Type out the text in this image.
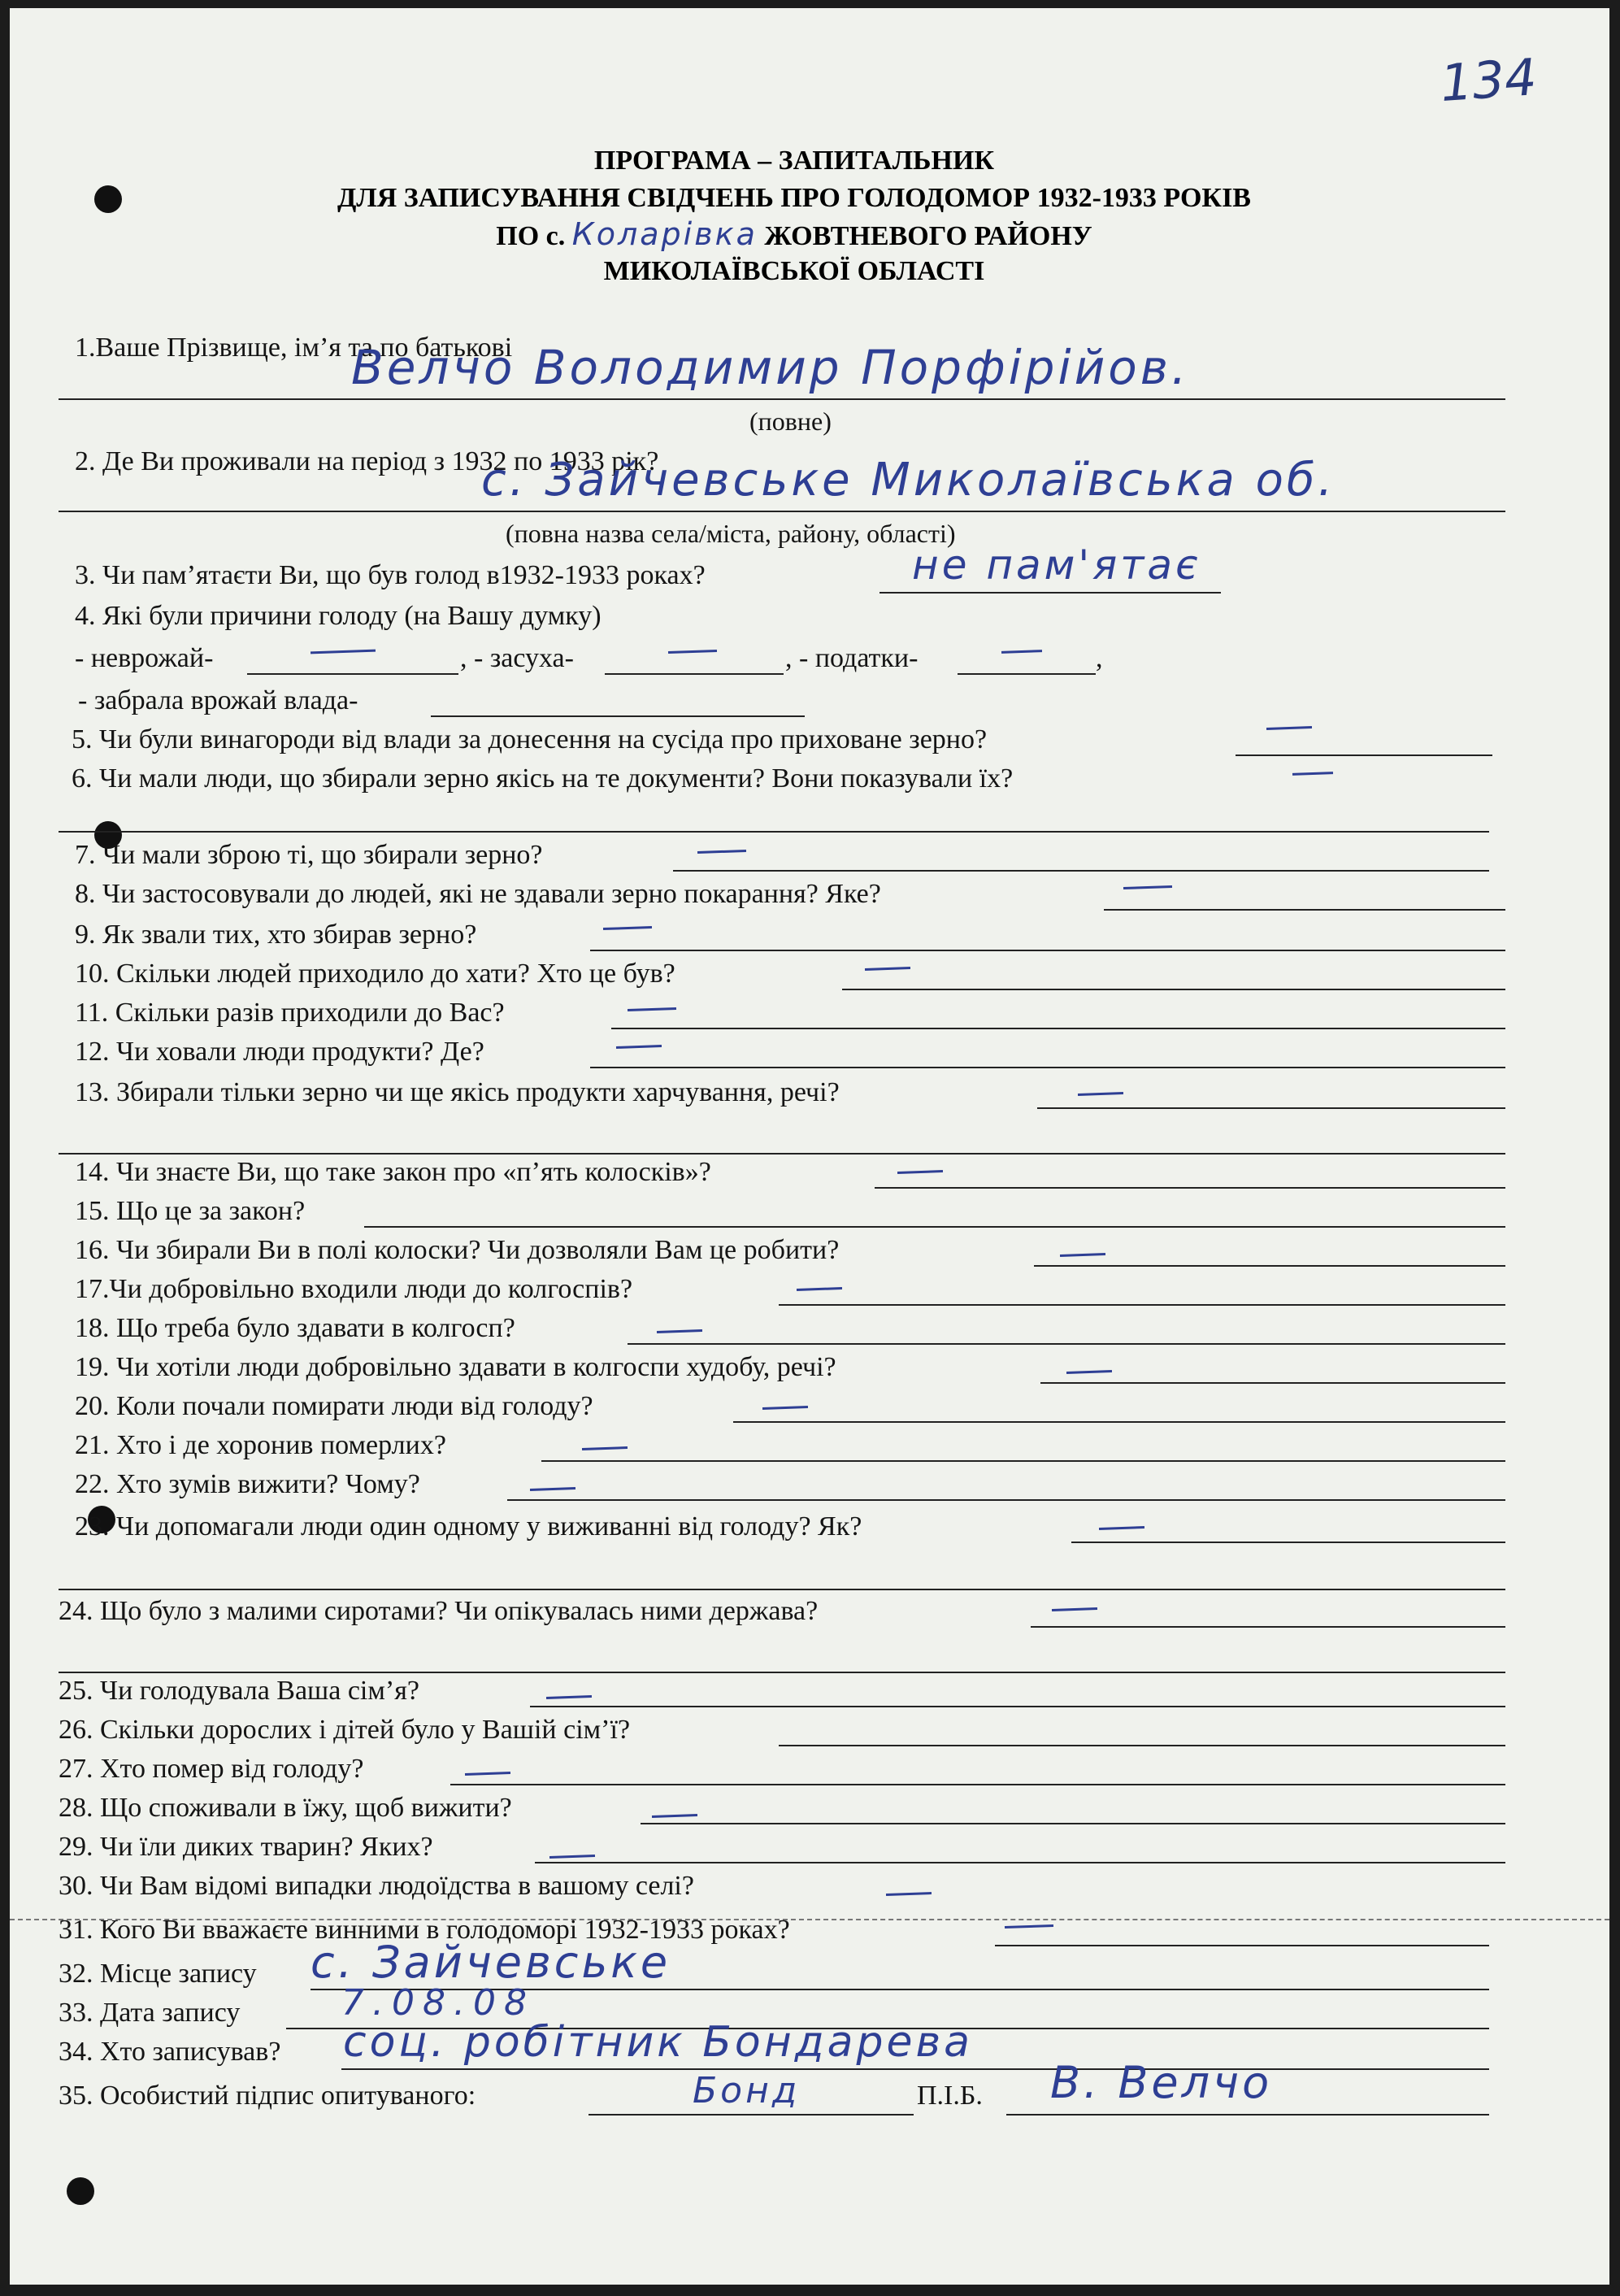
134
ПРОГРАМА – ЗАПИТАЛЬНИК
ДЛЯ ЗАПИСУВАННЯ СВІДЧЕНЬ ПРО ГОЛОДОМОР 1932-1933 РОКІВ
ПО с. Коларівка ЖОВТНЕВОГО РАЙОНУ
МИКОЛАЇВСЬКОЇ ОБЛАСТІ
1.Ваше Прізвище, ім’я та по батькові
Велчо Володимир Порфірійов.
(повне)
2. Де Ви проживали на період з 1932 по 1933 рік?
с. Зайчевське Миколаївська об.
(повна назва села/міста, району, області)
3. Чи пам’ятаєти Ви, що був голод в1932-1933 роках?	не пам'ятає
4. Які були причини голоду (на Вашу думку)
- неврожай-	, - засуха-	, - податки-	,
- забрала врожай влада-
5. Чи були винагороди від влади за донесення на сусіда про приховане зерно?
6. Чи мали люди, що збирали зерно якісь на те документи? Вони показували їх?
7. Чи мали зброю ті, що збирали зерно?
8. Чи застосовували до людей, які не здавали зерно покарання? Яке?
9. Як звали тих, хто збирав зерно?
10. Скільки людей приходило до хати? Хто це був?
11. Скільки разів приходили до Вас?
12. Чи ховали люди продукти? Де?
13. Збирали тільки зерно чи ще якісь продукти харчування, речі?
14. Чи знаєте Ви, що таке закон про «п’ять колосків»?
15. Що це за закон?
16. Чи збирали Ви в полі колоски? Чи дозволяли Вам це робити?
17.Чи добровільно входили люди до колгоспів?
18. Що треба було здавати в колгосп?
19. Чи хотіли люди добровільно здавати в колгоспи худобу, речі?
20. Коли почали помирати люди від голоду?
21. Хто і де хоронив померлих?
22. Хто зумів вижити? Чому?
23. Чи допомагали люди один одному у виживанні від голоду? Як?
24. Що було з малими сиротами? Чи опікувалась ними держава?
25. Чи голодувала Ваша сім’я?
26. Скільки дорослих і дітей було у Вашій сім’ї?
27. Хто помер від голоду?
28. Що споживали в їжу, щоб вижити?
29. Чи їли диких тварин? Яких?
30. Чи Вам відомі випадки людоїдства в вашому селі?
31. Кого Ви вважаєте винними в голодоморі 1932-1933 роках?
32. Місце запису с. Зайчевське
33. Дата запису	7.08.08
34. Хто записував? соц. робітник Бондарева
35. Особистий підпис опитуваного:	Бонд	П.І.Б. В. Велчо
